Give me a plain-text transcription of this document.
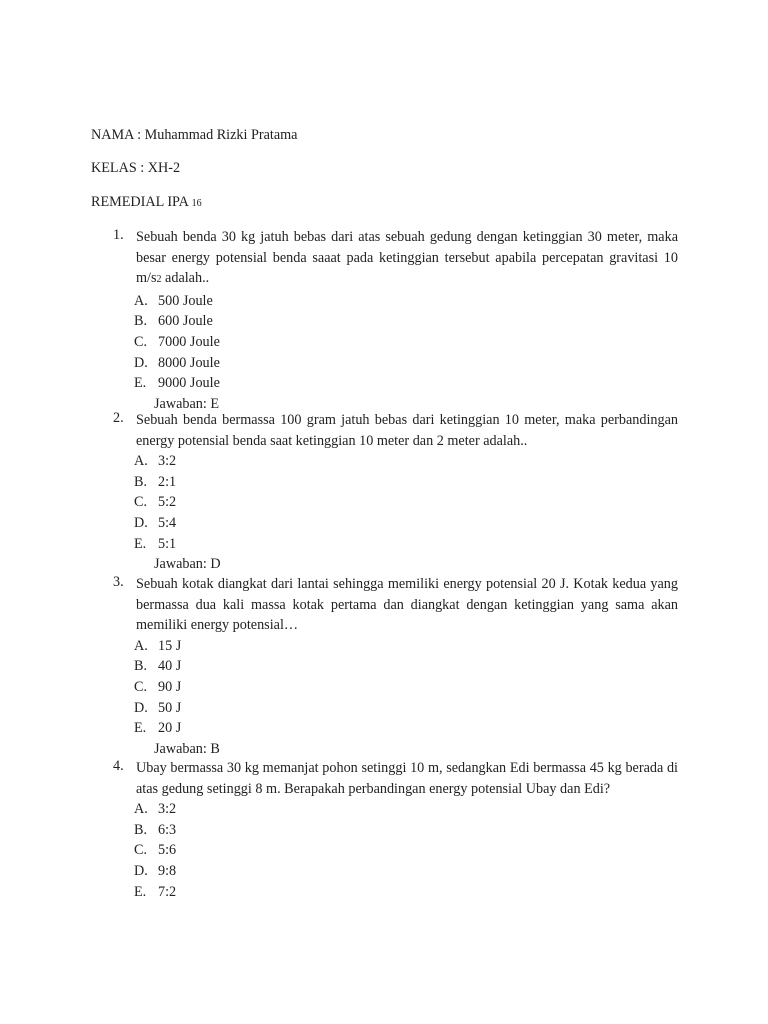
NAMA : Muhammad Rizki Pratama
KELAS : XH-2
REMEDIAL IPA 16
1. Sebuah benda 30 kg jatuh bebas dari atas sebuah gedung dengan ketinggian 30 meter, maka besar energy potensial benda saaat pada ketinggian tersebut apabila percepatan gravitasi 10 m/s2 adalah..
A. 500 Joule
B. 600 Joule
C. 7000 Joule
D. 8000 Joule
E. 9000 Joule
Jawaban: E
2. Sebuah benda bermassa 100 gram jatuh bebas dari ketinggian 10 meter, maka perbandingan energy potensial benda saat ketinggian 10 meter dan 2 meter adalah..
A. 3:2
B. 2:1
C. 5:2
D. 5:4
E. 5:1
Jawaban: D
3. Sebuah kotak diangkat dari lantai sehingga memiliki energy potensial 20 J. Kotak kedua yang bermassa dua kali massa kotak pertama dan diangkat dengan ketinggian yang sama akan memiliki energy potensial…
A. 15 J
B. 40 J
C. 90 J
D. 50 J
E. 20 J
Jawaban: B
4. Ubay bermassa 30 kg memanjat pohon setinggi 10 m, sedangkan Edi bermassa 45 kg berada di atas gedung setinggi 8 m. Berapakah perbandingan energy potensial Ubay dan Edi?
A. 3:2
B. 6:3
C. 5:6
D. 9:8
E. 7:2
